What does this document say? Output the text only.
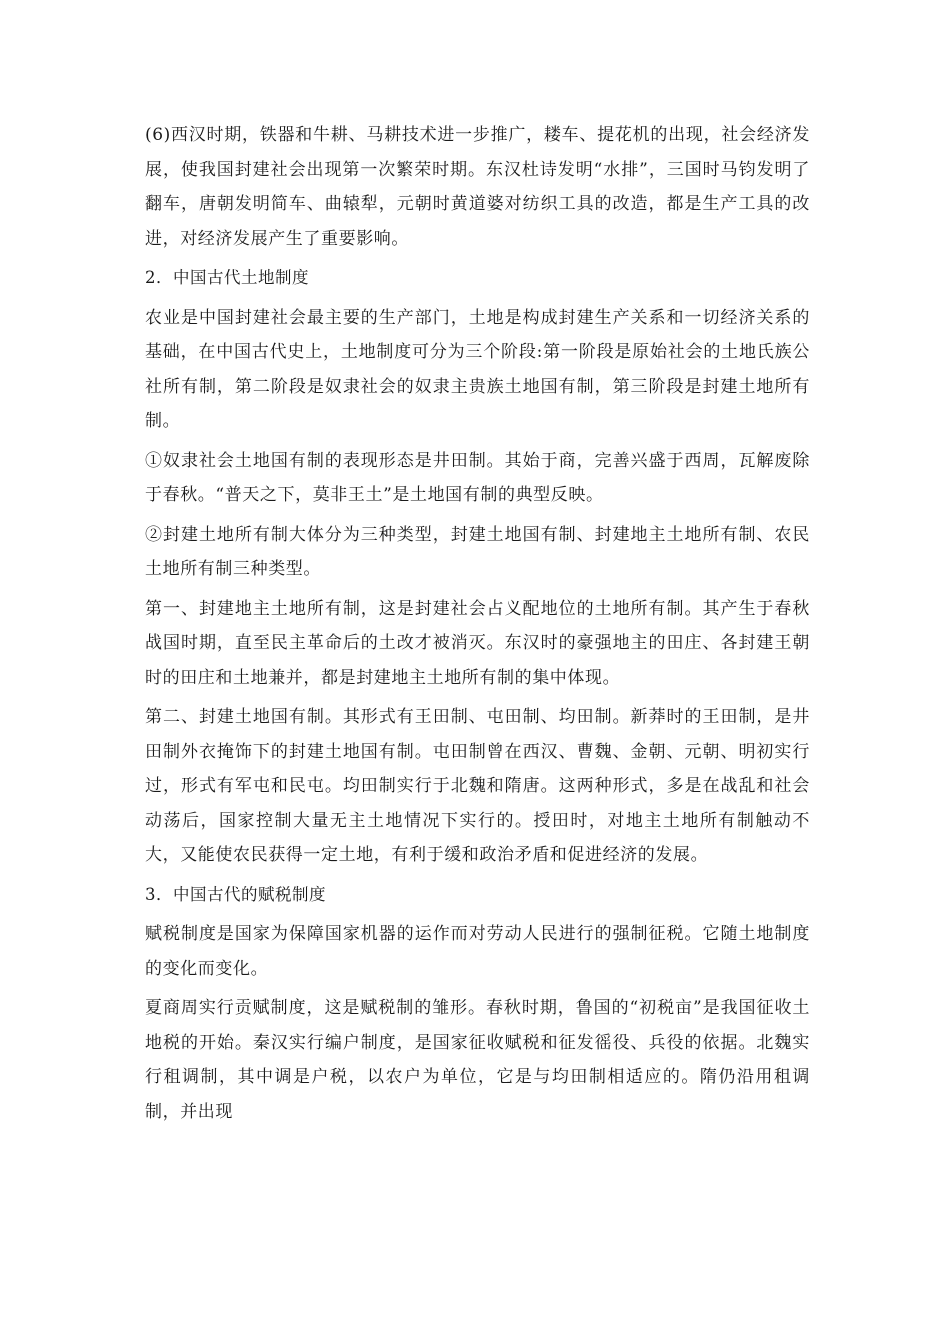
(6)西汉时期，铁器和牛耕、马耕技术进一步推广，耧车、提花机的出现，社会经济发展，使我国封建社会出现第一次繁荣时期。东汉杜诗发明“水排”，三国时马钧发明了翻车，唐朝发明简车、曲辕犁，元朝时黄道婆对纺织工具的改造，都是生产工具的改进，对经济发展产生了重要影响。

2．中国古代土地制度

农业是中国封建社会最主要的生产部门，土地是构成封建生产关系和一切经济关系的基础，在中国古代史上，土地制度可分为三个阶段:第一阶段是原始社会的土地氏族公社所有制，第二阶段是奴隶社会的奴隶主贵族土地国有制，第三阶段是封建土地所有制。

①奴隶社会土地国有制的表现形态是井田制。其始于商，完善兴盛于西周，瓦解废除于春秋。“普天之下，莫非王土”是土地国有制的典型反映。

②封建土地所有制大体分为三种类型，封建土地国有制、封建地主土地所有制、农民土地所有制三种类型。

第一、封建地主土地所有制，这是封建社会占义配地位的土地所有制。其产生于春秋战国时期，直至民主革命后的土改才被消灭。东汉时的豪强地主的田庄、各封建王朝时的田庄和土地兼并，都是封建地主土地所有制的集中体现。

第二、封建土地国有制。其形式有王田制、屯田制、均田制。新莽时的王田制，是井田制外衣掩饰下的封建土地国有制。屯田制曾在西汉、曹魏、金朝、元朝、明初实行过，形式有军屯和民屯。均田制实行于北魏和隋唐。这两种形式，多是在战乱和社会动荡后，国家控制大量无主土地情况下实行的。授田时，对地主土地所有制触动不大，又能使农民获得一定土地，有利于缓和政治矛盾和促进经济的发展。

3．中国古代的赋税制度

赋税制度是国家为保障国家机器的运作而对劳动人民进行的强制征税。它随土地制度的变化而变化。

夏商周实行贡赋制度，这是赋税制的雏形。春秋时期，鲁国的“初税亩”是我国征收土地税的开始。秦汉实行编户制度，是国家征收赋税和征发徭役、兵役的依据。北魏实行租调制，其中调是户税，以农户为单位，它是与均田制相适应的。隋仍沿用租调制，并出现
